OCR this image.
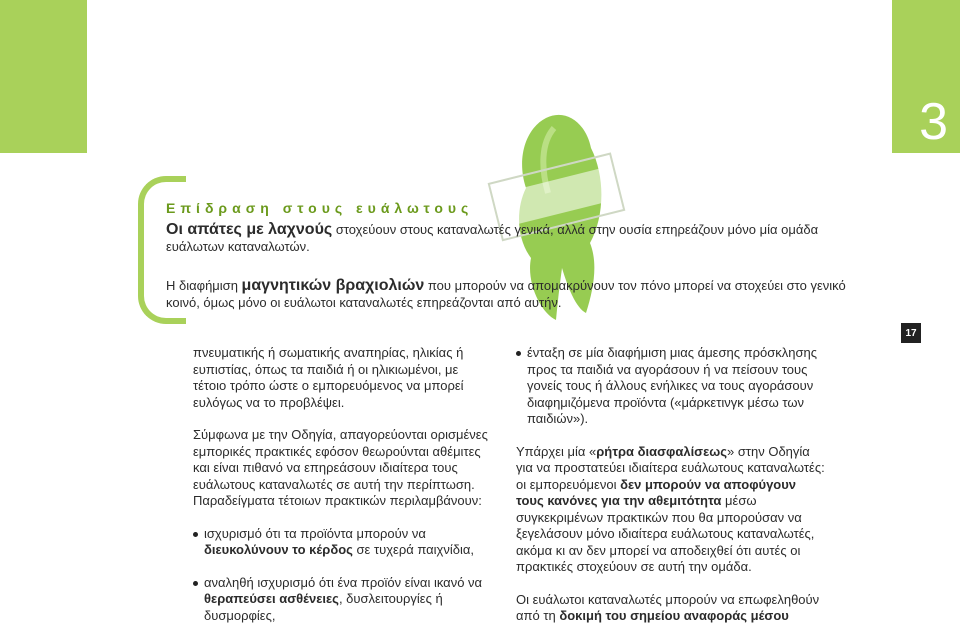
3
Επίδραση στους ευάλωτους

Οι απάτες με λαχνούς στοχεύουν στους καταναλωτές γενικά, αλλά στην ουσία επηρεάζουν μόνο μία ομάδα ευάλωτων καταναλωτών.

Η διαφήμιση μαγνητικών βραχιολιών που μπορούν να απομακρύνουν τον πόνο μπορεί να στοχεύει στο γενικό κοινό, όμως μόνο οι ευάλωτοι καταναλωτές επηρεάζονται από αυτήν.

17

πνευματικής ή σωματικής αναπηρίας, ηλικίας ή ευπιστίας, όπως τα παιδιά ή οι ηλικιωμένοι, με τέτοιο τρόπο ώστε ο εμπορευόμενος να μπορεί ευλόγως να το προβλέψει.

Σύμφωνα με την Οδηγία, απαγορεύονται ορισμένες εμπορικές πρακτικές εφόσον θεωρούνται αθέμιτες και είναι πιθανό να επηρεάσουν ιδιαίτερα τους ευάλωτους καταναλωτές σε αυτή την περίπτωση. Παραδείγματα τέτοιων πρακτικών περιλαμβάνουν:

ισχυρισμό ότι τα προϊόντα μπορούν να διευκολύνουν το κέρδος σε τυχερά παιχνίδια,
αναληθή ισχυρισμό ότι ένα προϊόν είναι ικανό να θεραπεύσει ασθένειες, δυσλειτουργίες ή δυσμορφίες,
ένταξη σε μία διαφήμιση μιας άμεσης πρόσκλησης προς τα παιδιά να αγοράσουν ή να πείσουν τους γονείς τους ή άλλους ενήλικες να τους αγοράσουν διαφημιζόμενα προϊόντα («μάρκετινγκ μέσω των παιδιών»).

Υπάρχει μία «ρήτρα διασφαλίσεως» στην Οδηγία για να προστατεύει ιδιαίτερα ευάλωτους καταναλωτές: οι εμπορευόμενοι δεν μπορούν να αποφύγουν τους κανόνες για την αθεμιτότητα μέσω συγκεκριμένων πρακτικών που θα μπορούσαν να ξεγελάσουν μόνο ιδιαίτερα ευάλωτους καταναλωτές, ακόμα κι αν δεν μπορεί να αποδειχθεί ότι αυτές οι πρακτικές στοχεύουν σε αυτή την ομάδα.

Οι ευάλωτοι καταναλωτές μπορούν να επωφεληθούν από τη δοκιμή του σημείου αναφοράς μέσου
